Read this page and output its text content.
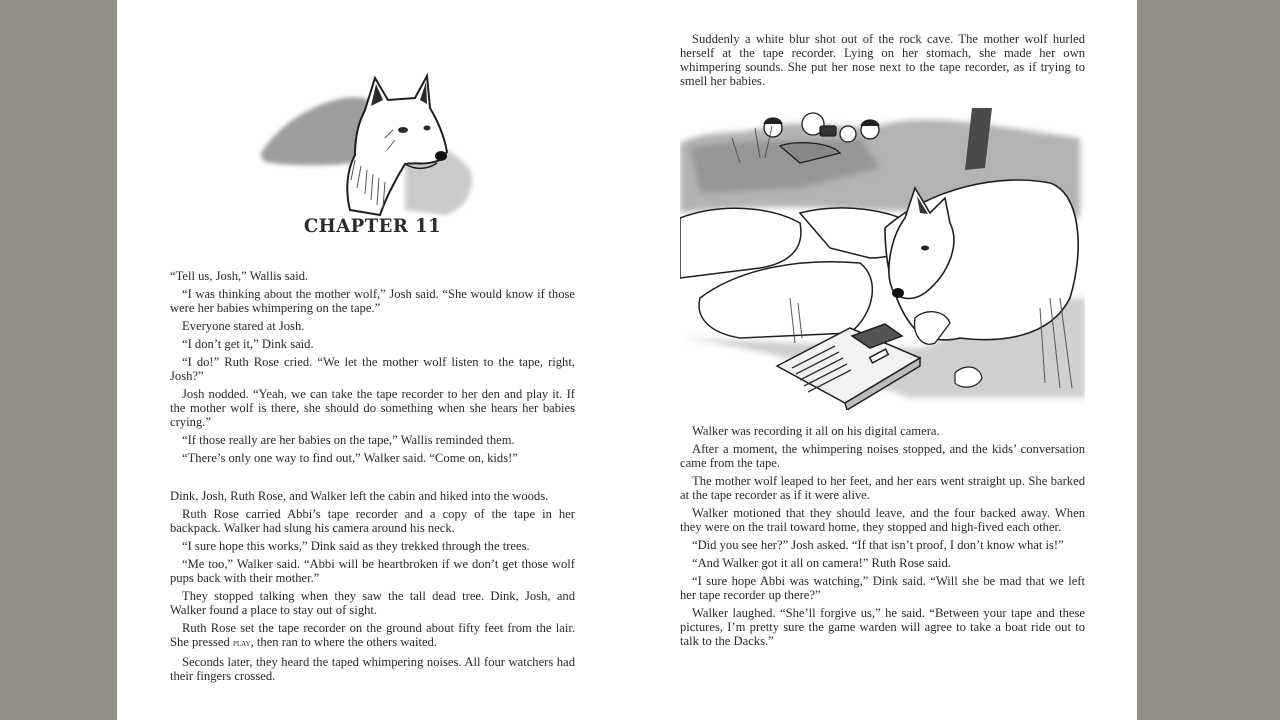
CHAPTER 11

“Tell us, Josh,” Wallis said.

“I was thinking about the mother wolf,” Josh said. “She would know if those were her babies whimpering on the tape.”

Everyone stared at Josh.

“I don’t get it,” Dink said.

“I do!” Ruth Rose cried. “We let the mother wolf listen to the tape, right, Josh?”

Josh nodded. “Yeah, we can take the tape recorder to her den and play it. If the mother wolf is there, she should do something when she hears her babies crying.”

“If those really are her babies on the tape,” Wallis reminded them.

“There’s only one way to find out,” Walker said. “Come on, kids!”

Dink, Josh, Ruth Rose, and Walker left the cabin and hiked into the woods.

Ruth Rose carried Abbi’s tape recorder and a copy of the tape in her backpack. Walker had slung his camera around his neck.

“I sure hope this works,” Dink said as they trekked through the trees.

“Me too,” Walker said. “Abbi will be heartbroken if we don’t get those wolf pups back with their mother.”

They stopped talking when they saw the tall dead tree. Dink, Josh, and Walker found a place to stay out of sight.

Ruth Rose set the tape recorder on the ground about fifty feet from the lair. She pressed play, then ran to where the others waited.

Seconds later, they heard the taped whimpering noises. All four watchers had their fingers crossed.

Suddenly a white blur shot out of the rock cave. The mother wolf hurled herself at the tape recorder. Lying on her stomach, she made her own whimpering sounds. She put her nose next to the tape recorder, as if trying to smell her babies.

Walker was recording it all on his digital camera.

After a moment, the whimpering noises stopped, and the kids’ conversation came from the tape.

The mother wolf leaped to her feet, and her ears went straight up. She barked at the tape recorder as if it were alive.

Walker motioned that they should leave, and the four backed away. When they were on the trail toward home, they stopped and high-fived each other.

“Did you see her?” Josh asked. “If that isn’t proof, I don’t know what is!”

“And Walker got it all on camera!” Ruth Rose said.

“I sure hope Abbi was watching,” Dink said. “Will she be mad that we left her tape recorder up there?”

Walker laughed. “She’ll forgive us,” he said. “Between your tape and these pictures, I’m pretty sure the game warden will agree to take a boat ride out to talk to the Dacks.”
